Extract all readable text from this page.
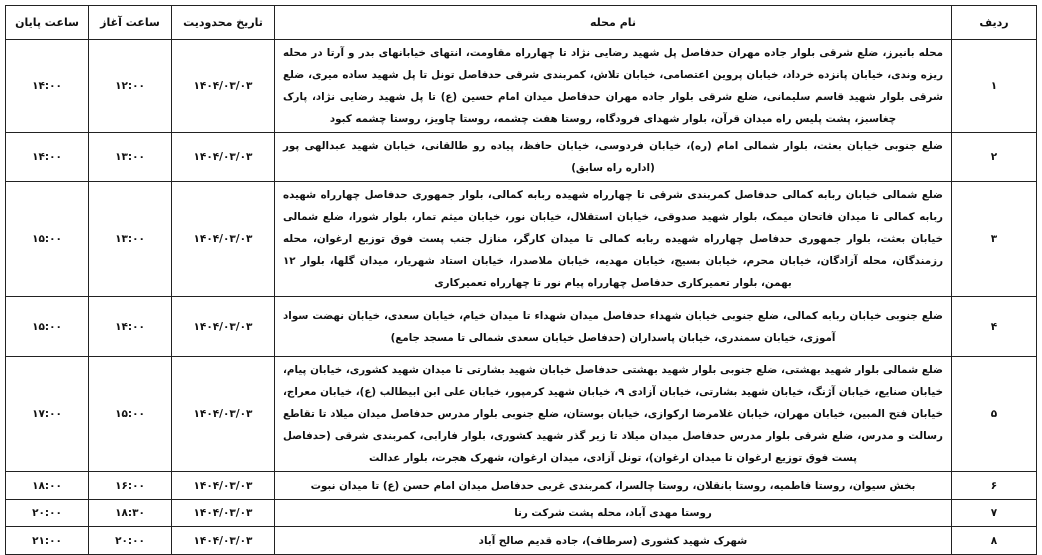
ردیف	نام محله	تاریخ محدودیت	ساعت آغاز	ساعت پایان
۱	محله بانیرز، ضلع شرقی بلوار جاده مهران حدفاصل پل شهید رضایی نژاد تا چهارراه مقاومت، انتهای خیابانهای بدر و آرتا در محله ریزه وندی، خیابان پانزده خرداد، خیابان پروین اعتصامی، خیابان تلاش، کمربندی شرقی حدفاصل تونل تا پل شهید ساده میری، ضلع شرقی بلوار شهید قاسم سلیمانی، ضلع شرقی بلوار جاده مهران حدفاصل میدان امام حسین (ع) تا پل شهید رضایی نژاد، پارک چغاسبز، پشت پلیس راه میدان قرآن، بلوار شهدای فرودگاه، روستا هفت چشمه، روستا چاویز، روستا چشمه کبود	۱۴۰۴/۰۳/۰۳	۱۲:۰۰	۱۴:۰۰
۲	ضلع جنوبی خیابان بعثت، بلوار شمالی امام (ره)، خیابان فردوسی، خیابان حافظ، پیاده رو طالقانی، خیابان شهید عبدالهی پور (اداره راه سابق)	۱۴۰۴/۰۳/۰۳	۱۳:۰۰	۱۴:۰۰
۳	ضلع شمالی خیابان ربابه کمالی حدفاصل کمربندی شرقی تا چهارراه شهیده ربابه کمالی، بلوار جمهوری حدفاصل چهارراه شهیده ربابه کمالی تا میدان فاتحان میمک، بلوار شهید صدوقی، خیابان استقلال، خیابان نور، خیابان میثم تمار، بلوار شورا، ضلع شمالی خیابان بعثت، بلوار جمهوری حدفاصل چهارراه شهیده ربابه کمالی تا میدان کارگر، منازل جنب پست فوق توزیع ارغوان، محله رزمندگان، محله آزادگان، خیابان محرم، خیابان بسیج، خیابان مهدیه، خیابان ملاصدرا، خیابان استاد شهریار، میدان گلها، بلوار ۱۲ بهمن، بلوار تعمیرکاری حدفاصل چهارراه پیام نور تا چهارراه تعمیرکاری	۱۴۰۴/۰۳/۰۳	۱۳:۰۰	۱۵:۰۰
۴	ضلع جنوبی خیابان ربابه کمالی، ضلع جنوبی خیابان شهداء حدفاصل میدان شهداء تا میدان خیام، خیابان سعدی، خیابان نهضت سواد آموزی، خیابان سمندری، خیابان پاسداران (حدفاصل خیابان سعدی شمالی تا مسجد جامع)	۱۴۰۴/۰۳/۰۳	۱۴:۰۰	۱۵:۰۰
۵	ضلع شمالی بلوار شهید بهشتی، ضلع جنوبی بلوار شهید بهشتی حدفاصل خیابان شهید بشارتی تا میدان شهید کشوری، خیابان پیام، خیابان صنایع، خیابان آژنگ، خیابان شهید بشارتی، خیابان آزادی ۹، خیابان شهید کرمپور، خیابان علی ابن ابیطالب (ع)، خیابان معراج، خیابان فتح المبین، خیابان مهران، خیابان غلامرضا ارکوازی، خیابان بوستان، ضلع جنوبی بلوار مدرس حدفاصل میدان میلاد تا تقاطع رسالت و مدرس، ضلع شرقی بلوار مدرس حدفاصل میدان میلاد تا زیر گذر شهید کشوری، بلوار فارابی، کمربندی شرقی (حدفاصل پست فوق توزیع ارغوان تا میدان ارغوان)، تونل آزادی، میدان ارغوان، شهرک هجرت، بلوار عدالت	۱۴۰۴/۰۳/۰۳	۱۵:۰۰	۱۷:۰۰
۶	بخش سیوان، روستا فاطمیه، روستا بانقلان، روستا چالسرا، کمربندی غربی حدفاصل میدان امام حسن (ع) تا میدان نبوت	۱۴۰۴/۰۳/۰۳	۱۶:۰۰	۱۸:۰۰
۷	روستا مهدی آباد، محله پشت شرکت رنا	۱۴۰۴/۰۳/۰۳	۱۸:۳۰	۲۰:۰۰
۸	شهرک شهید کشوری (سرطاف)، جاده قدیم صالح آباد	۱۴۰۴/۰۳/۰۳	۲۰:۰۰	۲۱:۰۰
